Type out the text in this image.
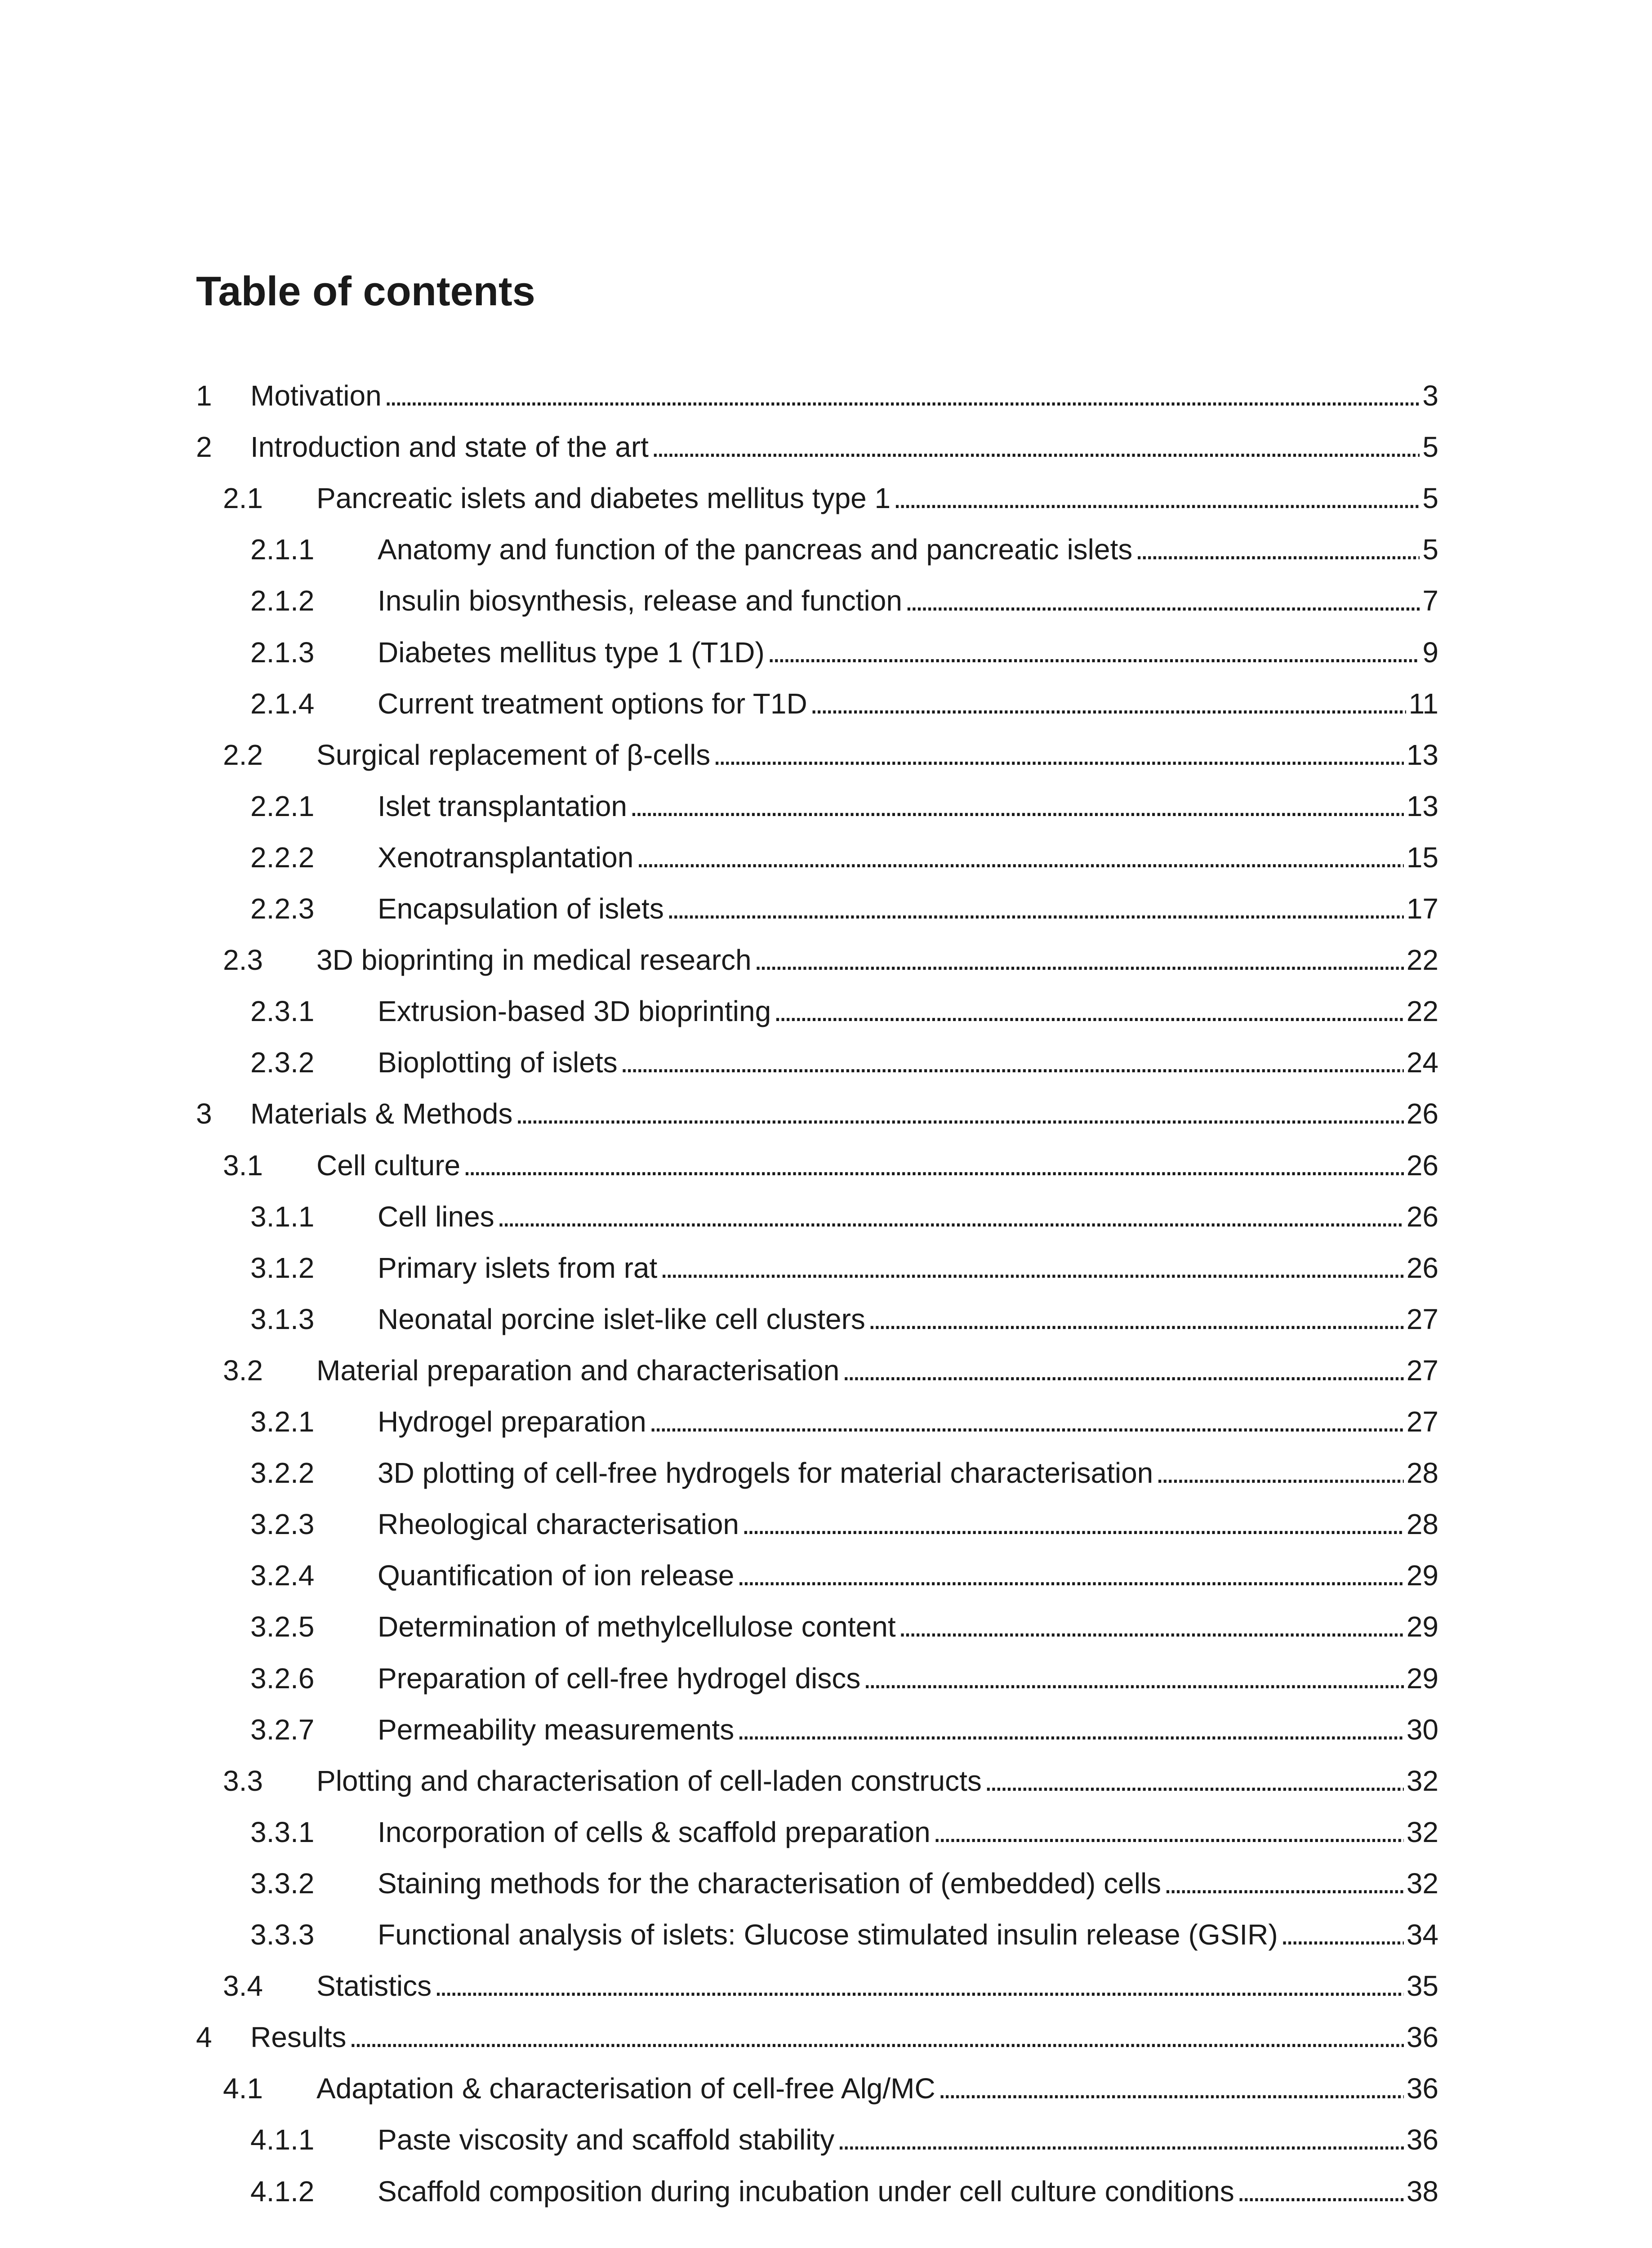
Table of contents
1	Motivation . . .	3
2	Introduction and state of the art . . .	5
2.1	Pancreatic islets and diabetes mellitus type 1 . . .	5
2.1.1	Anatomy and function of the pancreas and pancreatic islets . . .	5
2.1.2	Insulin biosynthesis, release and function . . .	7
2.1.3	Diabetes mellitus type 1 (T1D) . . .	9
2.1.4	Current treatment options for T1D . . .	11
2.2	Surgical replacement of β-cells . . .	13
2.2.1	Islet transplantation . . .	13
2.2.2	Xenotransplantation . . .	15
2.2.3	Encapsulation of islets . . .	17
2.3	3D bioprinting in medical research . . .	22
2.3.1	Extrusion-based 3D bioprinting . . .	22
2.3.2	Bioplotting of islets . . .	24
3	Materials & Methods . . .	26
3.1	Cell culture . . .	26
3.1.1	Cell lines . . .	26
3.1.2	Primary islets from rat . . .	26
3.1.3	Neonatal porcine islet-like cell clusters . . .	27
3.2	Material preparation and characterisation . . .	27
3.2.1	Hydrogel preparation . . .	27
3.2.2	3D plotting of cell-free hydrogels for material characterisation . . .	28
3.2.3	Rheological characterisation . . .	28
3.2.4	Quantification of ion release . . .	29
3.2.5	Determination of methylcellulose content . . .	29
3.2.6	Preparation of cell-free hydrogel discs . . .	29
3.2.7	Permeability measurements . . .	30
3.3	Plotting and characterisation of cell-laden constructs . . .	32
3.3.1	Incorporation of cells & scaffold preparation . . .	32
3.3.2	Staining methods for the characterisation of (embedded) cells . . .	32
3.3.3	Functional analysis of islets: Glucose stimulated insulin release (GSIR) . . .	34
3.4	Statistics . . .	35
4	Results . . .	36
4.1	Adaptation & characterisation of cell-free Alg/MC . . .	36
4.1.1	Paste viscosity and scaffold stability . . .	36
4.1.2	Scaffold composition during incubation under cell culture conditions . . .	38
